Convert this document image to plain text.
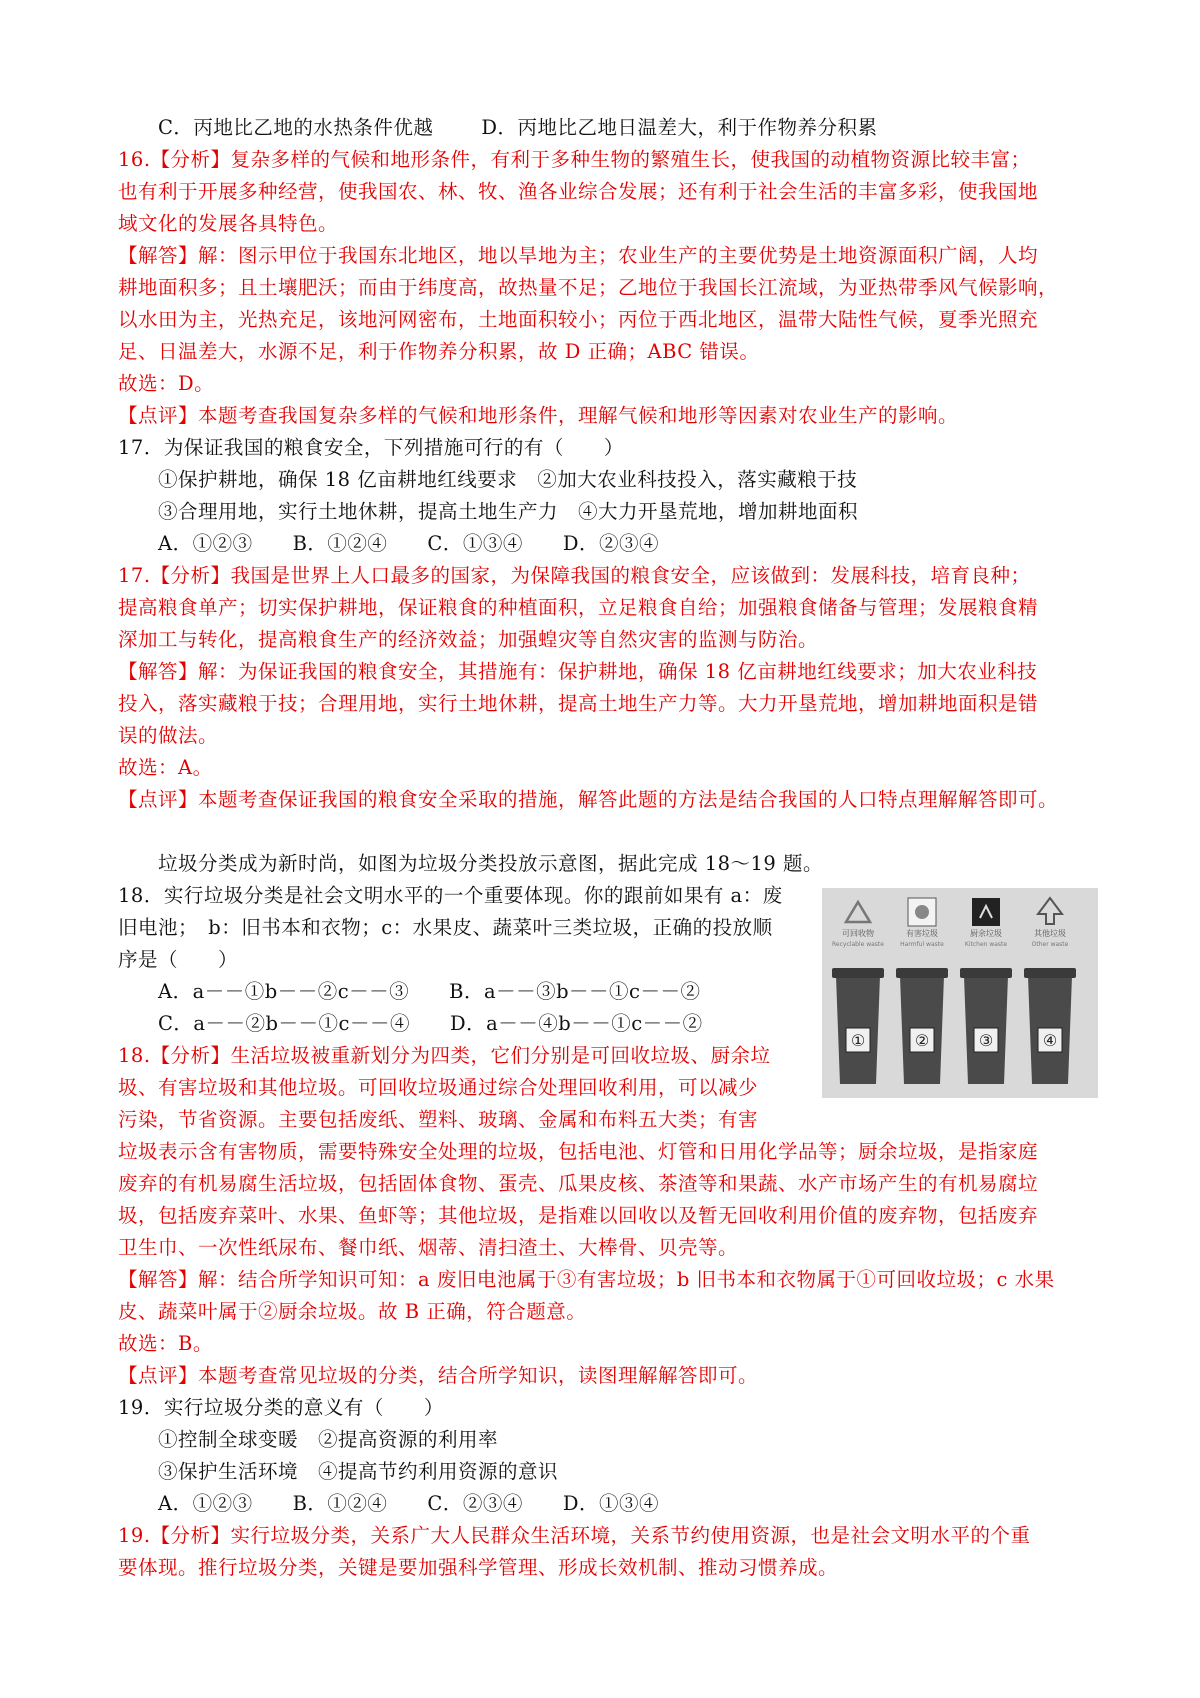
C．丙地比乙地的水热条件优越 D．丙地比乙地日温差大，利于作物养分积累
16.【分析】复杂多样的气候和地形条件，有利于多种生物的繁殖生长，使我国的动植物资源比较丰富；
也有利于开展多种经营，使我国农、林、牧、渔各业综合发展；还有利于社会生活的丰富多彩，使我国地
域文化的发展各具特色。
【解答】解：图示甲位于我国东北地区，地以旱地为主；农业生产的主要优势是土地资源面积广阔，人均
耕地面积多；且土壤肥沃；而由于纬度高，故热量不足；乙地位于我国长江流域，为亚热带季风气候影响，
以水田为主，光热充足，该地河网密布，土地面积较小；丙位于西北地区，温带大陆性气候，夏季光照充
足、日温差大，水源不足，利于作物养分积累，故 D 正确；ABC 错误。
故选：D。
【点评】本题考查我国复杂多样的气候和地形条件，理解气候和地形等因素对农业生产的影响。
17．为保证我国的粮食安全，下列措施可行的有（　　）
①保护耕地，确保 18 亿亩耕地红线要求　②加大农业科技投入，落实藏粮于技
③合理用地，实行土地休耕，提高土地生产力　④大力开垦荒地，增加耕地面积
A．①②③　　B．①②④　　C．①③④　　D．②③④
17.【分析】我国是世界上人口最多的国家，为保障我国的粮食安全，应该做到：发展科技，培育良种；
提高粮食单产；切实保护耕地，保证粮食的种植面积，立足粮食自给；加强粮食储备与管理；发展粮食精
深加工与转化，提高粮食生产的经济效益；加强蝗灾等自然灾害的监测与防治。
【解答】解：为保证我国的粮食安全，其措施有：保护耕地，确保 18 亿亩耕地红线要求；加大农业科技
投入，落实藏粮于技；合理用地，实行土地休耕，提高土地生产力等。大力开垦荒地，增加耕地面积是错
误的做法。
故选：A。
【点评】本题考查保证我国的粮食安全采取的措施，解答此题的方法是结合我国的人口特点理解解答即可。
垃圾分类成为新时尚，如图为垃圾分类投放示意图，据此完成 18～19 题。
18．实行垃圾分类是社会文明水平的一个重要体现。你的跟前如果有 a：废
旧电池；　b：旧书本和衣物；c：水果皮、蔬菜叶三类垃圾，正确的投放顺
序是（　　）
A．a－－①b－－②c－－③　　B．a－－③b－－①c－－②
C．a－－②b－－①c－－④　　D．a－－④b－－①c－－②
可回收物
Recyclable waste
①
有害垃圾
Harmful waste
②
厨余垃圾
Kitchen waste
③
其他垃圾
Other waste
④
18.【分析】生活垃圾被重新划分为四类，它们分别是可回收垃圾、厨余垃
圾、有害垃圾和其他垃圾。可回收垃圾通过综合处理回收利用，可以减少
污染，节省资源。主要包括废纸、塑料、玻璃、金属和布料五大类；有害
垃圾表示含有害物质，需要特殊安全处理的垃圾，包括电池、灯管和日用化学品等；厨余垃圾，是指家庭
废弃的有机易腐生活垃圾，包括固体食物、蛋壳、瓜果皮核、茶渣等和果蔬、水产市场产生的有机易腐垃
圾，包括废弃菜叶、水果、鱼虾等；其他垃圾，是指难以回收以及暂无回收利用价值的废弃物，包括废弃
卫生巾、一次性纸尿布、餐巾纸、烟蒂、清扫渣土、大棒骨、贝壳等。
【解答】解：结合所学知识可知：a 废旧电池属于③有害垃圾；b 旧书本和衣物属于①可回收垃圾；c 水果
皮、蔬菜叶属于②厨余垃圾。故 B 正确，符合题意。
故选：B。
【点评】本题考查常见垃圾的分类，结合所学知识，读图理解解答即可。
19．实行垃圾分类的意义有（　　）
①控制全球变暖　②提高资源的利用率
③保护生活环境　④提高节约利用资源的意识
A．①②③　　B．①②④　　C．②③④　　D．①③④
19.【分析】实行垃圾分类，关系广大人民群众生活环境，关系节约使用资源，也是社会文明水平的个重
要体现。推行垃圾分类，关键是要加强科学管理、形成长效机制、推动习惯养成。
